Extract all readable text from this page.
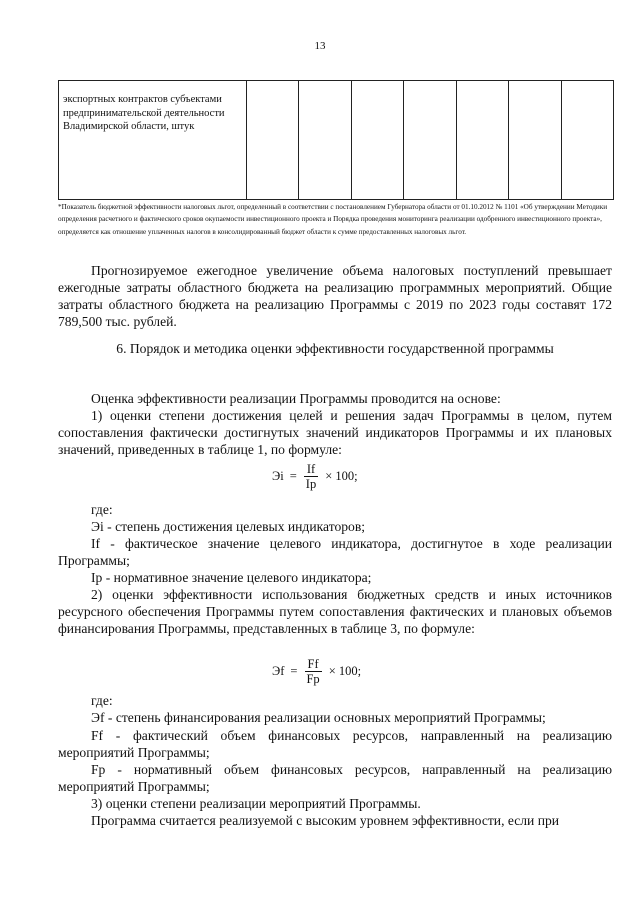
13
экспортных контрактов субъектами предпринимательской деятельности Владимирской области, штук

*Показатель бюджетной эффективности налоговых льгот, определенный в соответствии с постановлением Губернатора области от 01.10.2012 № 1101 «Об утверждении Методики определения расчетного и фактического сроков окупаемости инвестиционного проекта и Порядка проведения мониторинга реализации одобренного инвестиционного проекта», определяется как отношение уплаченных налогов в консолидированный бюджет области к сумме предоставленных налоговых льгот.
Прогнозируемое ежегодное увеличение объема налоговых поступлений превышает ежегодные затраты областного бюджета на реализацию программных мероприятий. Общие затраты областного бюджета на реализацию Программы с 2019 по 2023 годы составят 172 789,500 тыс. рублей.
6. Порядок и методика оценки эффективности государственной программы
Оценка эффективности реализации Программы проводится на основе:
1) оценки степени достижения целей и решения задач Программы в целом, путем сопоставления фактически достигнутых значений индикаторов Программы и их плановых значений, приведенных в таблице 1, по формуле:
Эi = $\frac{If}{Ip} \times 100$;
где:
Эi - степень достижения целевых индикаторов;
If - фактическое значение целевого индикатора, достигнутое в ходе реализации Программы;
Ip - нормативное значение целевого индикатора;
2) оценки эффективности использования бюджетных средств и иных источников ресурсного обеспечения Программы путем сопоставления фактических и плановых объемов финансирования Программы, представленных в таблице 3, по формуле:
Эf = $\frac{Ff}{Fp} \times 100$;
где:
Эf - степень финансирования реализации основных мероприятий Программы;
Ff - фактический объем финансовых ресурсов, направленный на реализацию мероприятий Программы;
Fp - нормативный объем финансовых ресурсов, направленный на реализацию мероприятий Программы;
3) оценки степени реализации мероприятий Программы.
Программа считается реализуемой с высоким уровнем эффективности, если при
